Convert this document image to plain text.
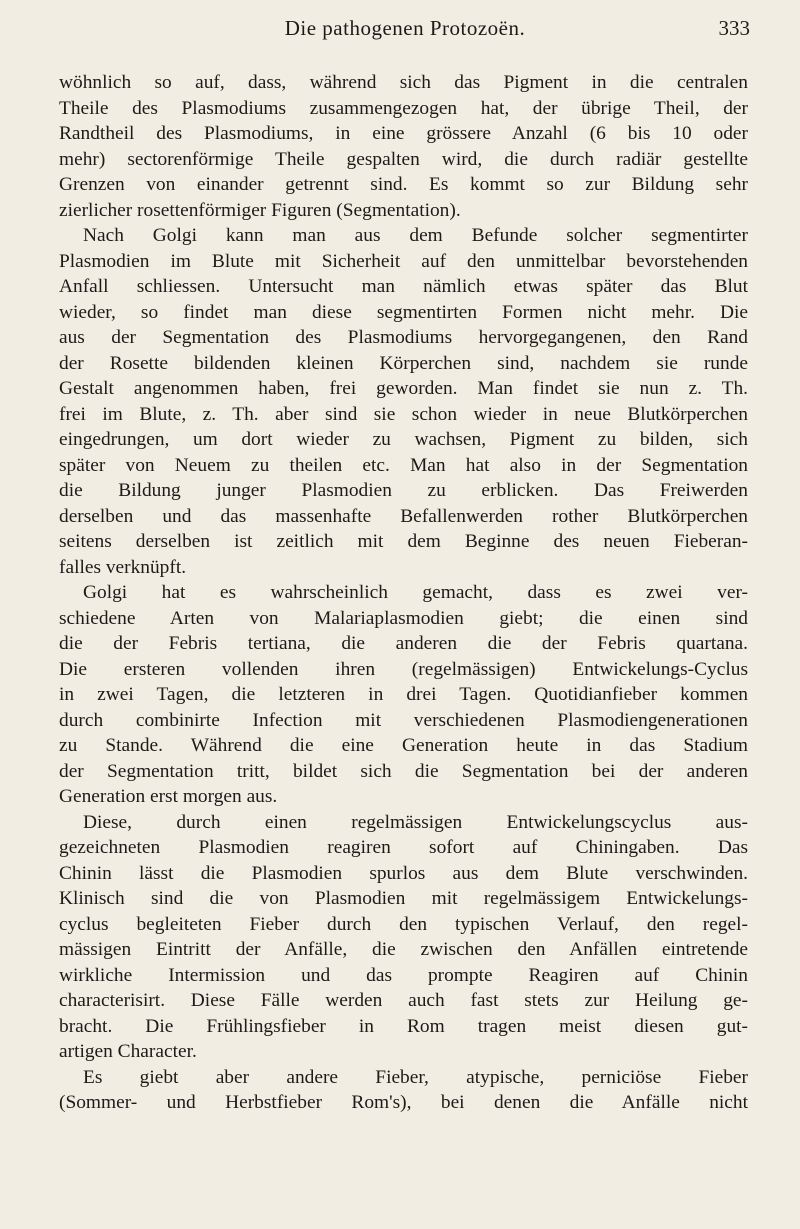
Die pathogenen Protozoën.	333
wöhnlich so auf, dass, während sich das Pigment in die centralen
Theile des Plasmodiums zusammengezogen hat, der übrige Theil, der
Randtheil des Plasmodiums, in eine grössere Anzahl (6 bis 10 oder
mehr) sectorenförmige Theile gespalten wird, die durch radiär gestellte
Grenzen von einander getrennt sind. Es kommt so zur Bildung sehr
zierlicher rosettenförmiger Figuren (Segmentation).
Nach Golgi kann man aus dem Befunde solcher segmentirter
Plasmodien im Blute mit Sicherheit auf den unmittelbar bevorstehenden
Anfall schliessen. Untersucht man nämlich etwas später das Blut
wieder, so findet man diese segmentirten Formen nicht mehr. Die
aus der Segmentation des Plasmodiums hervorgegangenen, den Rand
der Rosette bildenden kleinen Körperchen sind, nachdem sie runde
Gestalt angenommen haben, frei geworden. Man findet sie nun z. Th.
frei im Blute, z. Th. aber sind sie schon wieder in neue Blutkörperchen
eingedrungen, um dort wieder zu wachsen, Pigment zu bilden, sich
später von Neuem zu theilen etc. Man hat also in der Segmentation
die Bildung junger Plasmodien zu erblicken. Das Freiwerden
derselben und das massenhafte Befallenwerden rother Blutkörperchen
seitens derselben ist zeitlich mit dem Beginne des neuen Fieberan-
falles verknüpft.
Golgi hat es wahrscheinlich gemacht, dass es zwei ver-
schiedene Arten von Malariaplasmodien giebt; die einen sind
die der Febris tertiana, die anderen die der Febris quartana.
Die ersteren vollenden ihren (regelmässigen) Entwickelungs-Cyclus
in zwei Tagen, die letzteren in drei Tagen. Quotidianfieber kommen
durch combinirte Infection mit verschiedenen Plasmodiengenerationen
zu Stande. Während die eine Generation heute in das Stadium
der Segmentation tritt, bildet sich die Segmentation bei der anderen
Generation erst morgen aus.
Diese, durch einen regelmässigen Entwickelungscyclus aus-
gezeichneten Plasmodien reagiren sofort auf Chiningaben. Das
Chinin lässt die Plasmodien spurlos aus dem Blute verschwinden.
Klinisch sind die von Plasmodien mit regelmässigem Entwickelungs-
cyclus begleiteten Fieber durch den typischen Verlauf, den regel-
mässigen Eintritt der Anfälle, die zwischen den Anfällen eintretende
wirkliche Intermission und das prompte Reagiren auf Chinin
characterisirt. Diese Fälle werden auch fast stets zur Heilung ge-
bracht. Die Frühlingsfieber in Rom tragen meist diesen gut-
artigen Character.
Es giebt aber andere Fieber, atypische, perniciöse Fieber
(Sommer- und Herbstfieber Rom's), bei denen die Anfälle nicht
